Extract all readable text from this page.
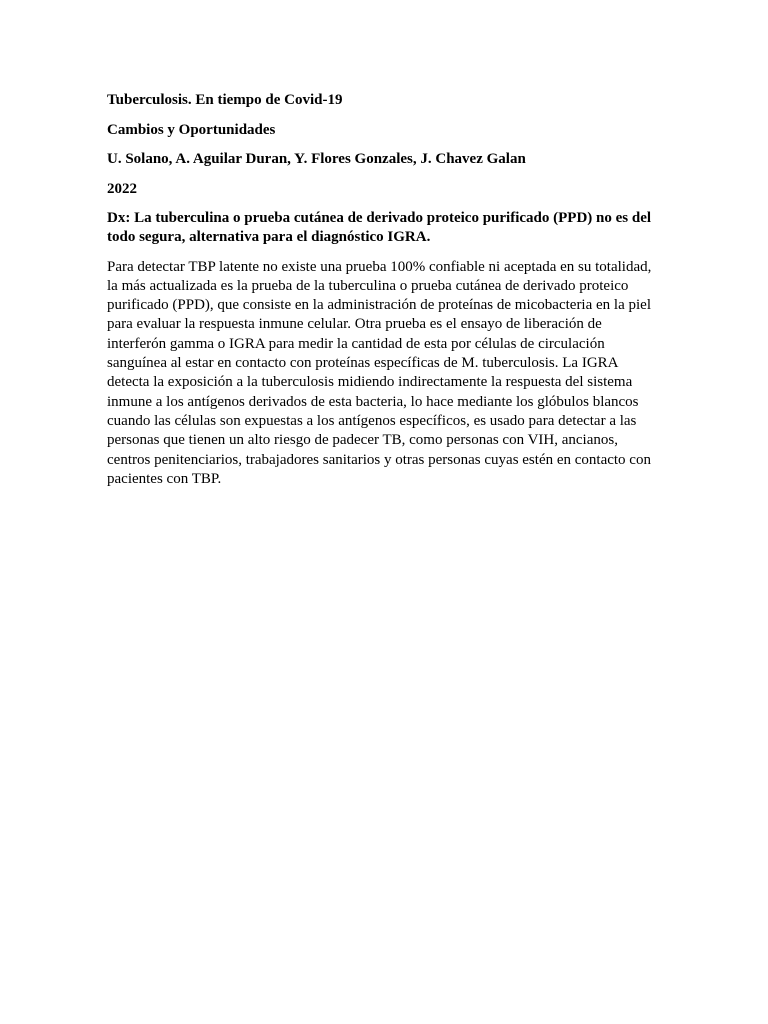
Tuberculosis. En tiempo de Covid-19

Cambios y Oportunidades

U. Solano, A. Aguilar Duran, Y. Flores Gonzales, J. Chavez Galan

2022

Dx: La tuberculina o prueba cutánea de derivado proteico purificado (PPD) no es del todo segura, alternativa para el diagnóstico IGRA.

Para detectar TBP latente no existe una prueba 100% confiable ni aceptada en su totalidad, la más actualizada es la prueba de la tuberculina o prueba cutánea de derivado proteico purificado (PPD), que consiste en la administración de proteínas de micobacteria en la piel para evaluar la respuesta inmune celular. Otra prueba es el ensayo de liberación de interferón gamma o IGRA para medir la cantidad de esta por células de circulación sanguínea al estar en contacto con proteínas específicas de M. tuberculosis. La IGRA detecta la exposición a la tuberculosis midiendo indirectamente la respuesta del sistema inmune a los antígenos derivados de esta bacteria, lo hace mediante los glóbulos blancos cuando las células son expuestas a los antígenos específicos, es usado para detectar a las personas que tienen un alto riesgo de padecer TB, como personas con VIH, ancianos, centros penitenciarios, trabajadores sanitarios y otras personas cuyas estén en contacto con pacientes con TBP.
